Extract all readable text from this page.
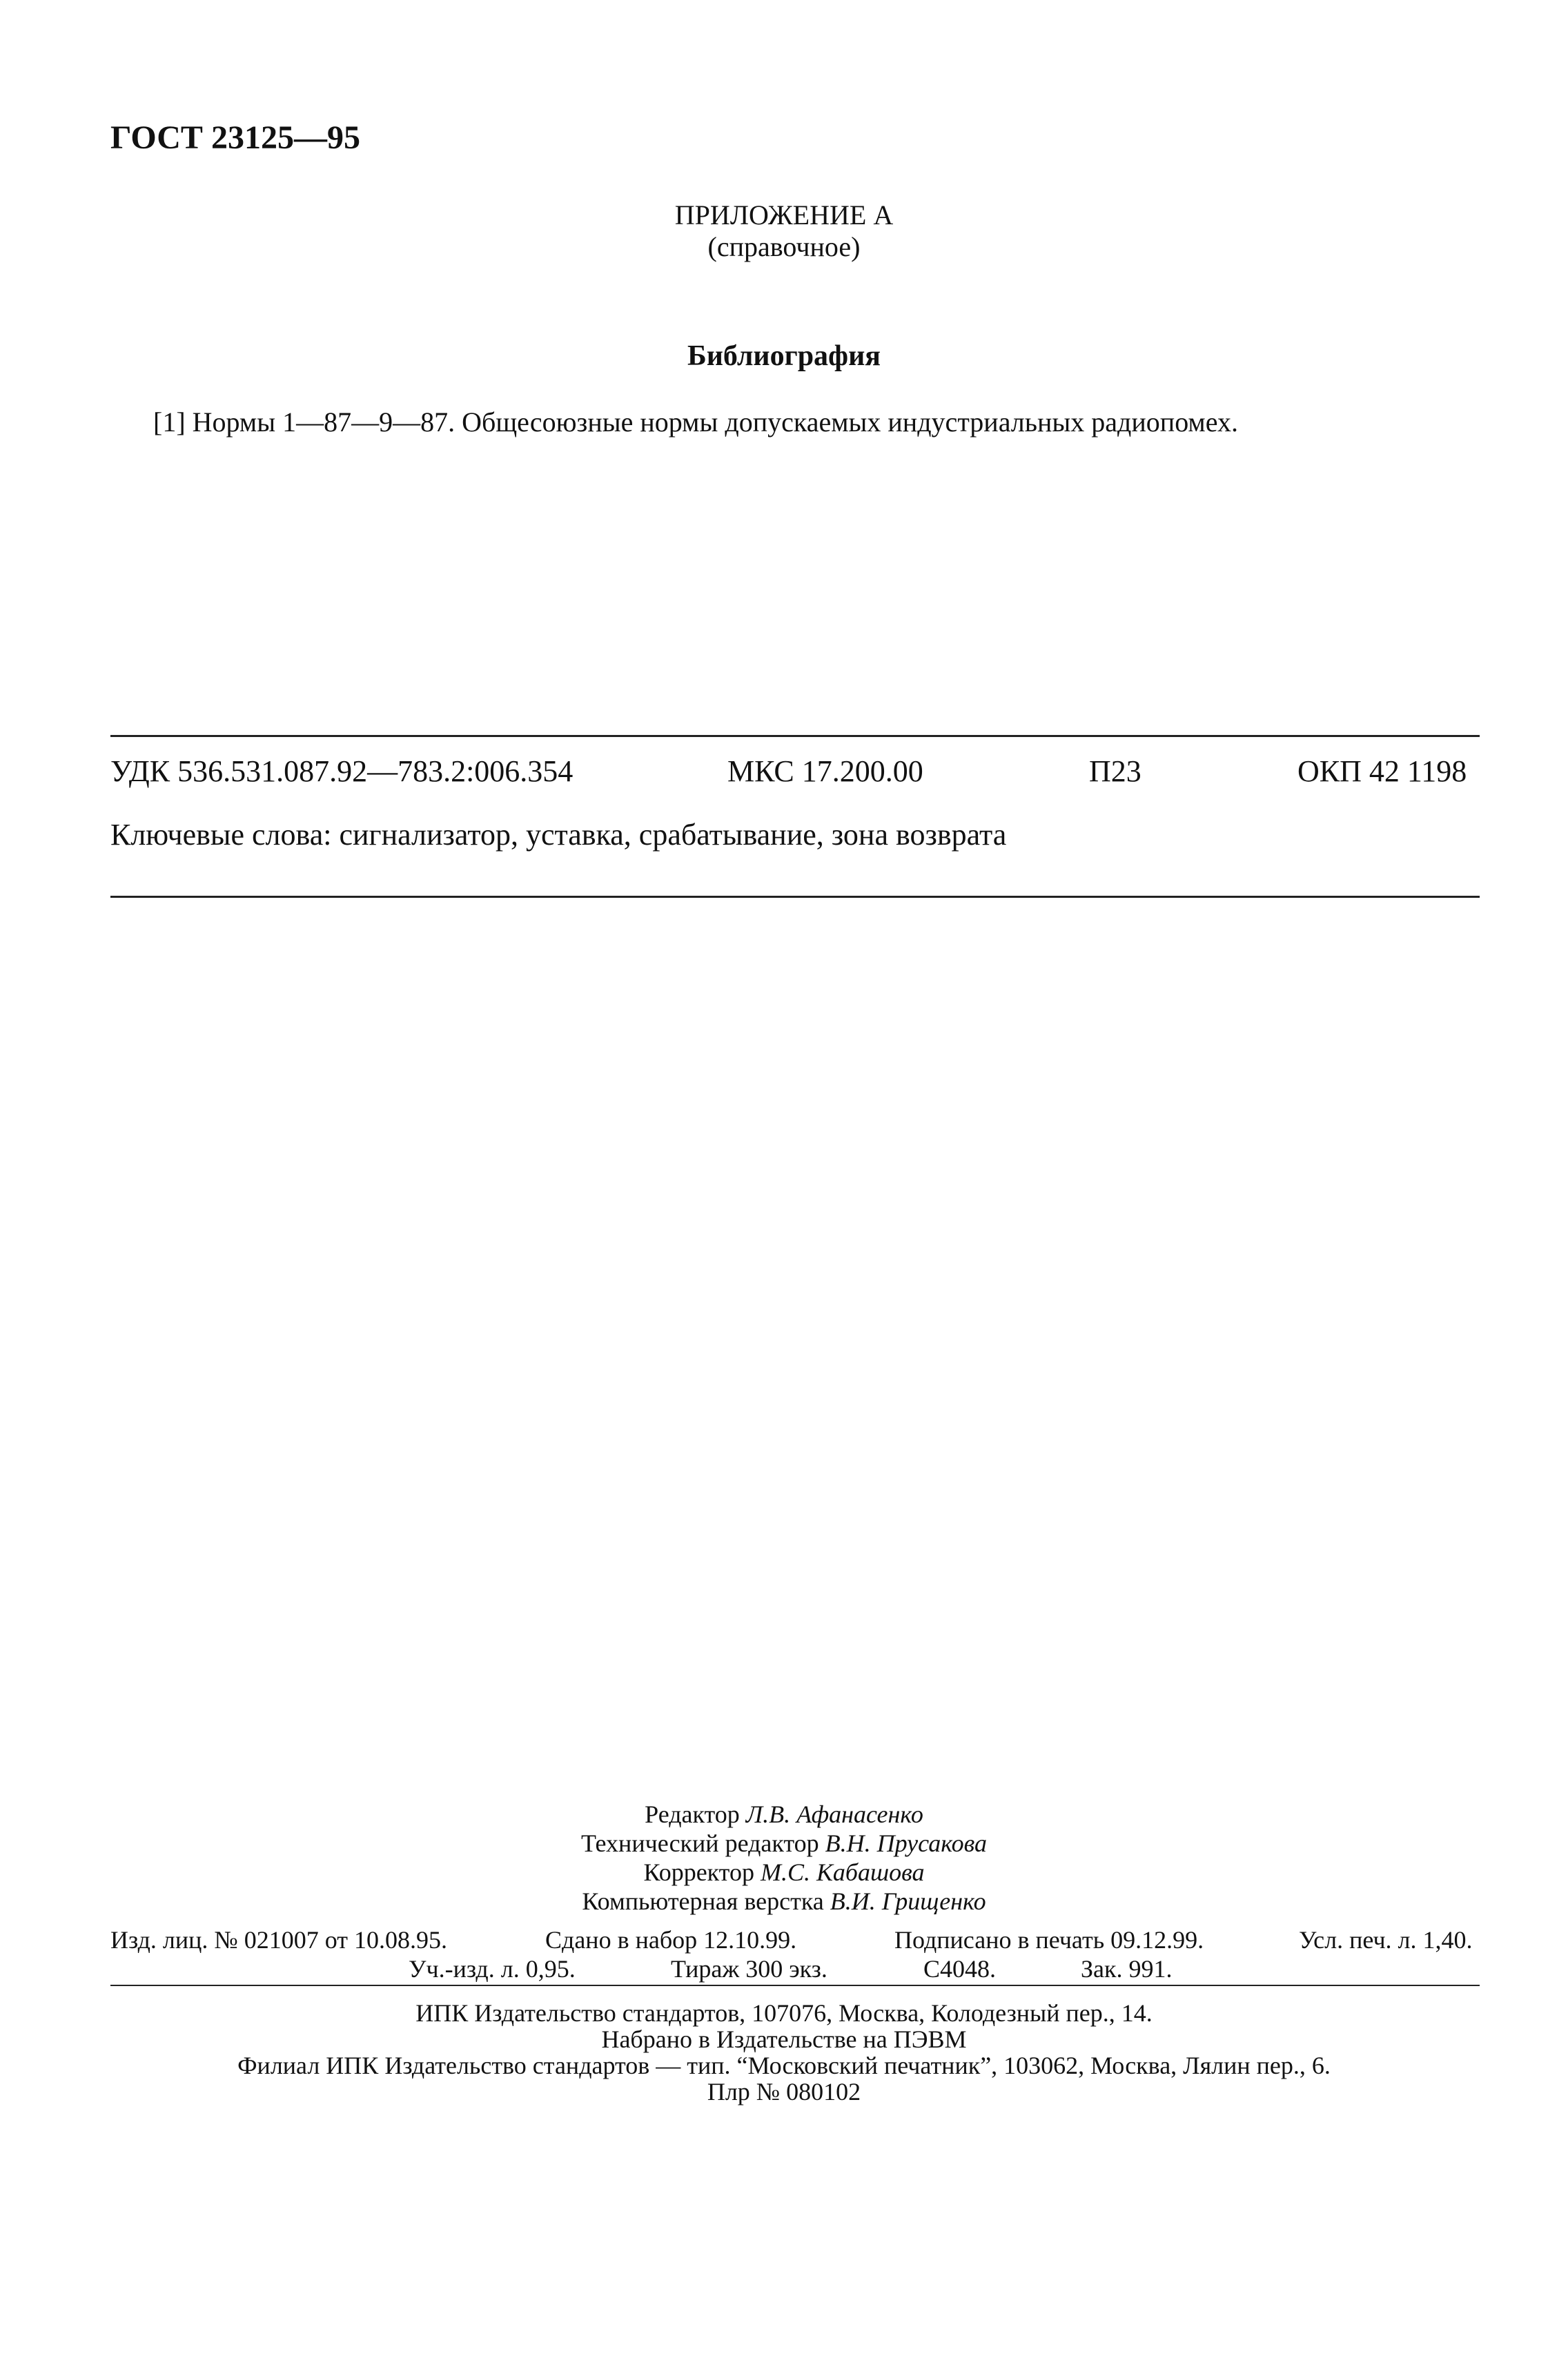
ГОСТ 23125—95
ПРИЛОЖЕНИЕ А
(справочное)
Библиография
[1] Нормы 1—87—9—87. Общесоюзные нормы допускаемых индустриальных радиопомех.
УДК 536.531.087.92—783.2:006.354	МКС 17.200.00	П23	ОКП 42 1198
Ключевые слова: сигнализатор, уставка, срабатывание, зона возврата
Редактор Л.В. Афанасенко
Технический редактор В.Н. Прусакова
Корректор М.С. Кабашова
Компьютерная верстка В.И. Грищенко
Изд. лиц. № 021007 от 10.08.95.	Сдано в набор 12.10.99.	Подписано в печать 09.12.99.	Усл. печ. л. 1,40.
Уч.-изд. л. 0,95.	Тираж 300 экз.	С4048.	Зак. 991.
ИПК Издательство стандартов, 107076, Москва, Колодезный пер., 14.
Набрано в Издательстве на ПЭВМ
Филиал ИПК Издательство стандартов — тип. “Московский печатник”, 103062, Москва, Лялин пер., 6.
Плр № 080102
